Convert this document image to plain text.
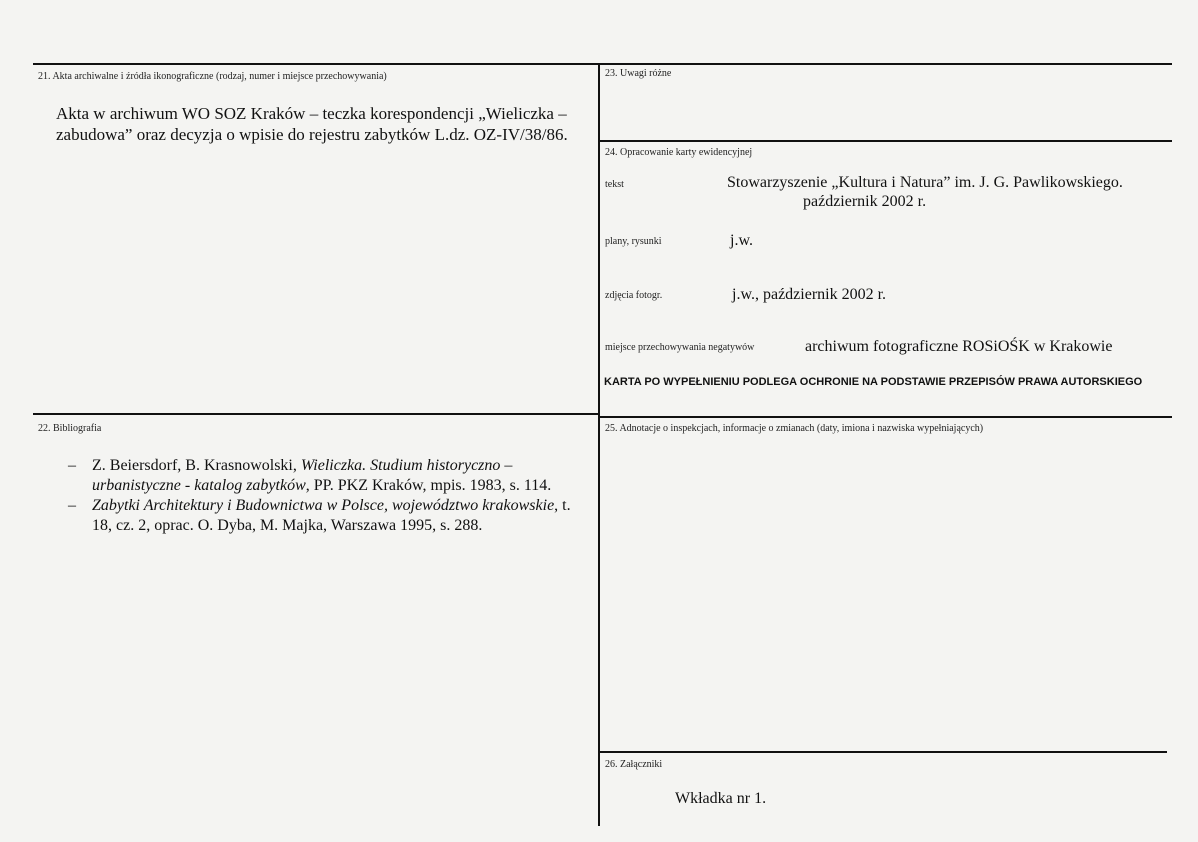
21. Akta archiwalne i źródła ikonograficzne (rodzaj, numer i miejsce przechowywania)
Akta w archiwum WO SOZ Kraków – teczka korespondencji „Wieliczka – zabudowa” oraz decyzja o wpisie do rejestru zabytków L.dz. OZ-IV/38/86.
23. Uwagi różne
24. Opracowanie karty ewidencyjnej
tekst	Stowarzyszenie „Kultura i Natura” im. J. G. Pawlikowskiego.
październik 2002 r.
plany, rysunki	j.w.
zdjęcia fotogr.	j.w., październik 2002 r.
miejsce przechowywania negatywów	archiwum fotograficzne ROSiOŚK w Krakowie
KARTA PO WYPEŁNIENIU PODLEGA OCHRONIE NA PODSTAWIE PRZEPISÓW PRAWA AUTORSKIEGO
22. Bibliografia
– Z. Beiersdorf, B. Krasnowolski, Wieliczka. Studium historyczno – urbanistyczne - katalog zabytków, PP. PKZ Kraków, mpis. 1983, s. 114.
– Zabytki Architektury i Budownictwa w Polsce, województwo krakowskie, t. 18, cz. 2, oprac. O. Dyba, M. Majka, Warszawa 1995, s. 288.
25. Adnotacje o inspekcjach, informacje o zmianach (daty, imiona i nazwiska wypełniających)
26. Załączniki
Wkładka nr 1.
